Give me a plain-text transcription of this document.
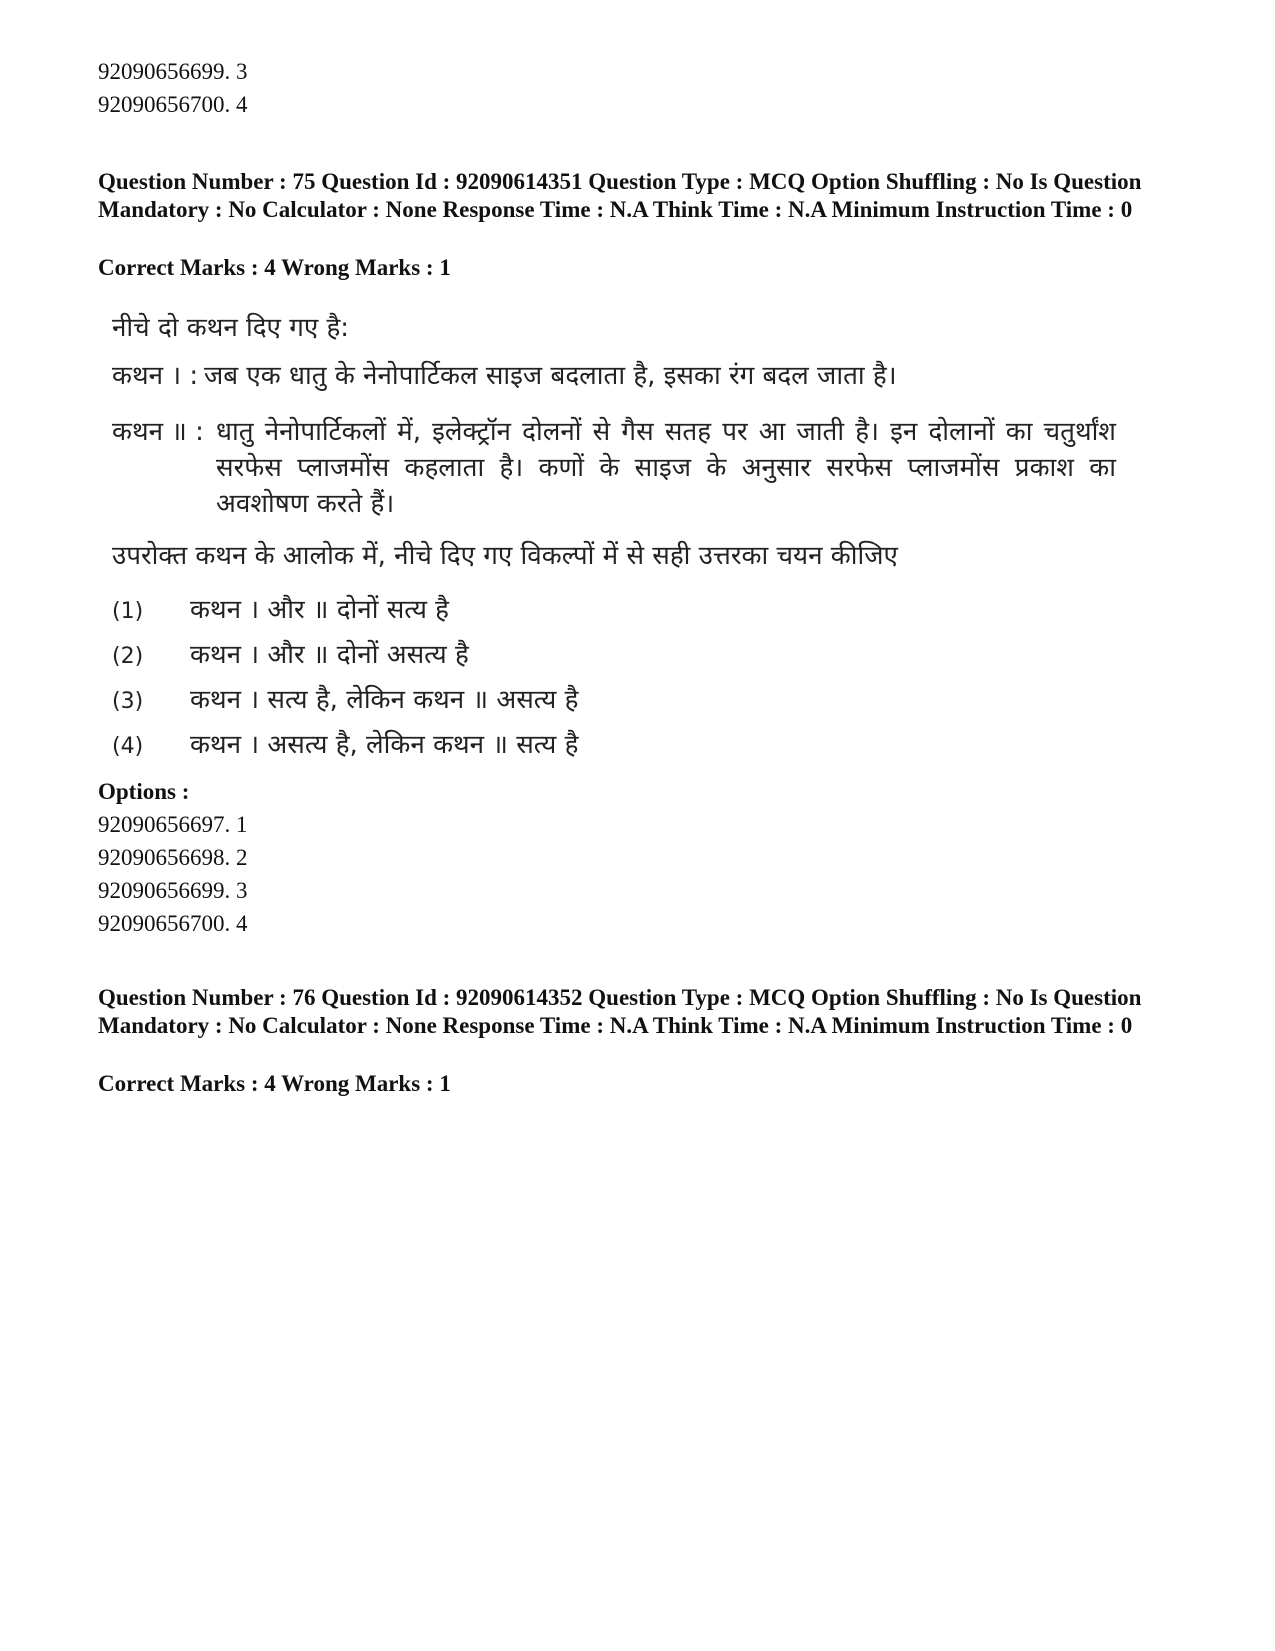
92090656699. 3
92090656700. 4
Question Number : 75 Question Id : 92090614351 Question Type : MCQ Option Shuffling : No Is Question Mandatory : No Calculator : None Response Time : N.A Think Time : N.A Minimum Instruction Time : 0
Correct Marks : 4 Wrong Marks : 1
नीचे दो कथन दिए गए है:
कथन । : जब एक धातु के नेनोपार्टिकल साइज बदलाता है, इसका रंग बदल जाता है।
कथन ॥ : धातु नेनोपार्टिकलों में, इलेक्ट्रॉन दोलनों से गैस सतह पर आ जाती है। इन दोलानों का चतुर्थांश सरफेस प्लाजमोंस कहलाता है। कणों के साइज के अनुसार सरफेस प्लाजमोंस प्रकाश का अवशोषण करते हैं।
उपरोक्त कथन के आलोक में, नीचे दिए गए विकल्पों में से सही उत्तरका चयन कीजिए
(1) कथन । और ॥ दोनों सत्य है
(2) कथन । और ॥ दोनों असत्य है
(3) कथन । सत्य है, लेकिन कथन ॥ असत्य है
(4) कथन । असत्य है, लेकिन कथन ॥ सत्य है
Options :
92090656697. 1
92090656698. 2
92090656699. 3
92090656700. 4
Question Number : 76 Question Id : 92090614352 Question Type : MCQ Option Shuffling : No Is Question Mandatory : No Calculator : None Response Time : N.A Think Time : N.A Minimum Instruction Time : 0
Correct Marks : 4 Wrong Marks : 1
